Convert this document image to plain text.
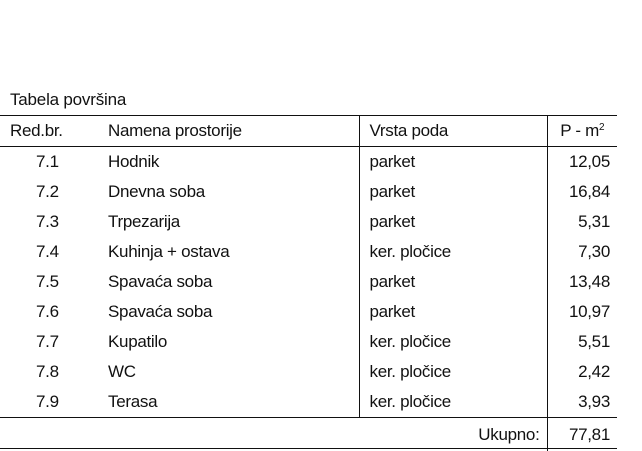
Tabela površina
Red.br.	Namena prostorije	Vrsta poda	P - $m^2$
7.1	Hodnik	parket	12,05
7.2	Dnevna soba	parket	16,84
7.3	Trpezarija	parket	5,31
7.4	Kuhinja + ostava	ker. pločice	7,30
7.5	Spavaća soba	parket	13,48
7.6	Spavaća soba	parket	10,97
7.7	Kupatilo	ker. pločice	5,51
7.8	WC	ker. pločice	2,42
7.9	Terasa	ker. pločice	3,93
Ukupno:			77,81
